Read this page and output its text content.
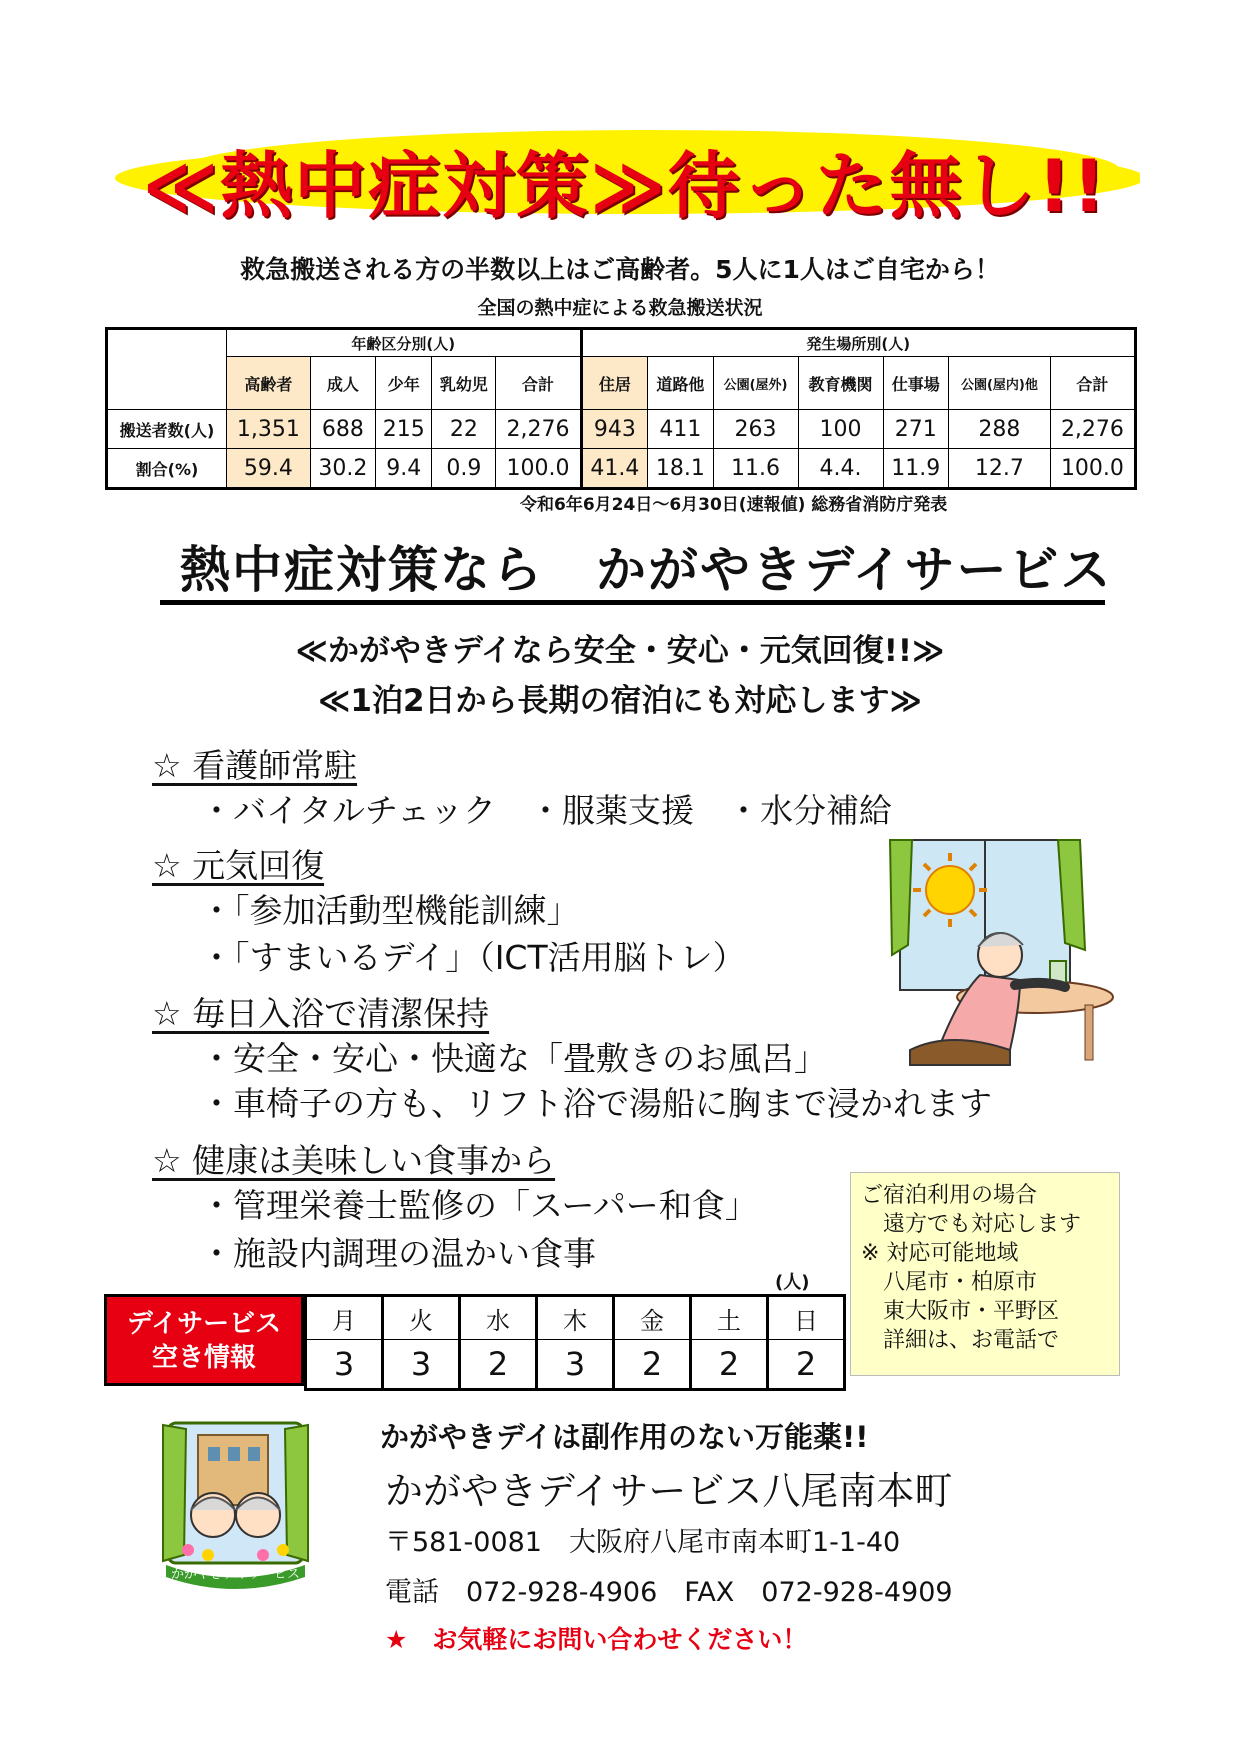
≪熱中症対策≫待った無し!!
救急搬送される方の半数以上はご高齢者。5人に1人はご自宅から！
全国の熱中症による救急搬送状況
	年齢区分別(人)					発生場所別(人)						
	高齢者	成人	少年	乳幼児	合計	住居	道路他	公園(屋外)	教育機関	仕事場	公園(屋内)他	合計
搬送者数(人)	1,351	688	215	22	2,276	943	411	263	100	271	288	2,276
割合(%)	59.4	30.2	9.4	0.9	100.0	41.4	18.1	11.6	4.4.	11.9	12.7	100.0
令和6年6月24日～6月30日(速報値) 総務省消防庁発表
熱中症対策なら　かがやきデイサービス
≪かがやきデイなら安全・安心・元気回復!!≫
≪1泊2日から長期の宿泊にも対応します≫
☆ 看護師常駐
・バイタルチェック　・服薬支援　・水分補給
☆ 元気回復
・「参加活動型機能訓練」
・「すまいるデイ」（ICT活用脳トレ）
☆ 毎日入浴で清潔保持
・安全・安心・快適な「畳敷きのお風呂」
・車椅子の方も、リフト浴で湯船に胸まで浸かれます
☆ 健康は美味しい食事から
・管理栄養士監修の「スーパー和食」
・施設内調理の温かい食事
ご宿泊利用の場合
　遠方でも対応します
※ 対応可能地域
　八尾市・柏原市
　東大阪市・平野区
　詳細は、お電話で
(人)
デイサービス
空き情報
月	火	水	木	金	土	日
3	3	2	3	2	2	2
かがやきデイサービス
かがやきデイは副作用のない万能薬!!
かがやきデイサービス八尾南本町
〒581-0081　大阪府八尾市南本町1-1-40
電話　072-928-4906　FAX　072-928-4909
★　お気軽にお問い合わせください！
